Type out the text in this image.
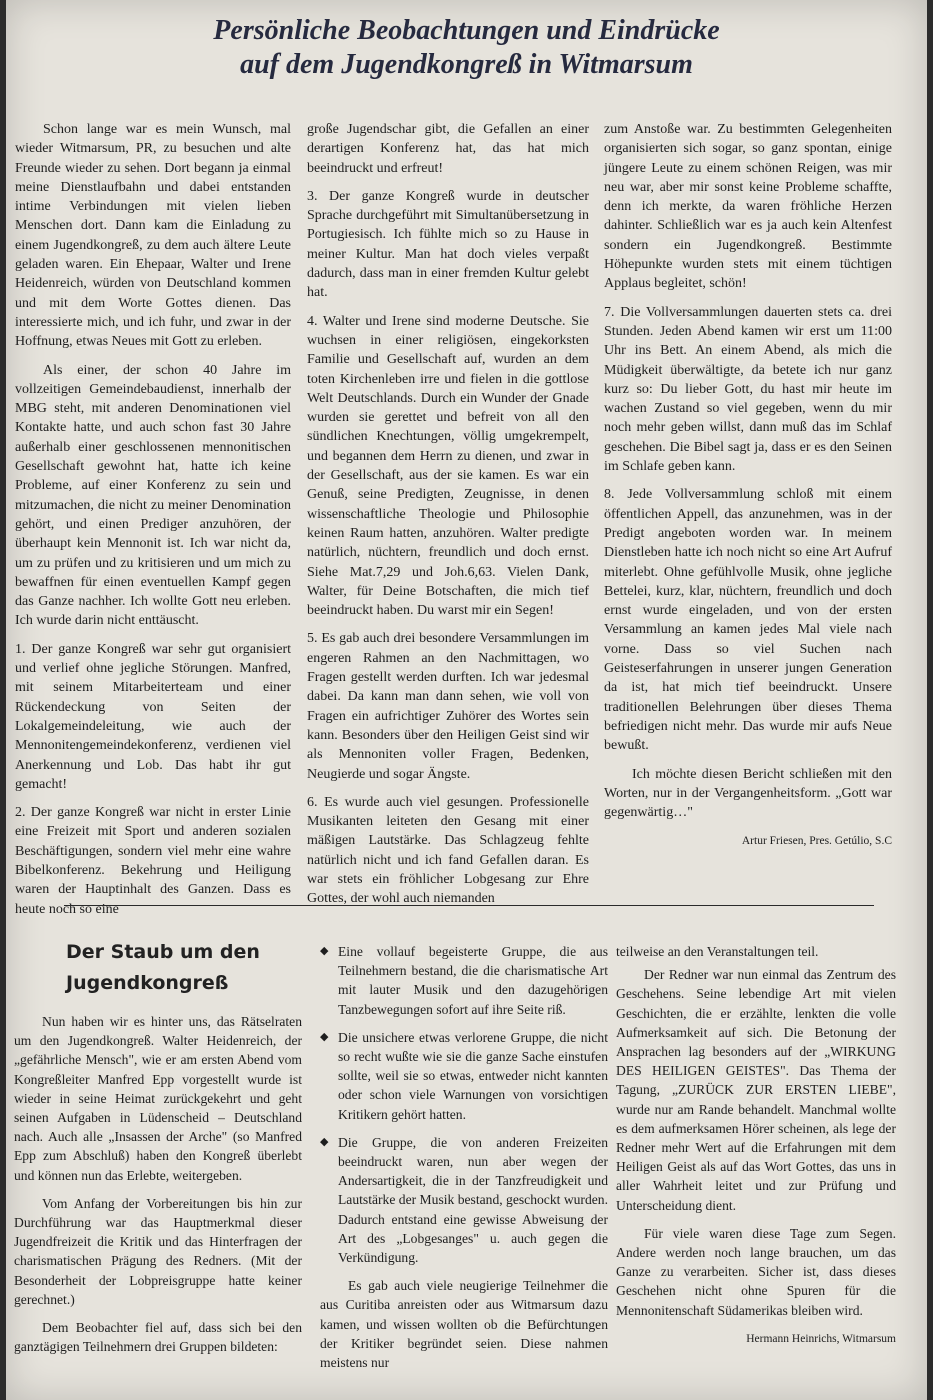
Persönliche Beobachtungen und Eindrücke
auf dem Jugendkongreß in Witmarsum

Schon lange war es mein Wunsch, mal wieder Witmarsum, PR, zu besuchen und alte Freunde wieder zu sehen. Dort begann ja einmal meine Dienstlaufbahn und dabei entstanden intime Verbindungen mit vielen lieben Menschen dort. Dann kam die Einladung zu einem Jugendkongreß, zu dem auch ältere Leute geladen waren. Ein Ehepaar, Walter und Irene Heidenreich, würden von Deutschland kommen und mit dem Worte Gottes dienen. Das interessierte mich, und ich fuhr, und zwar in der Hoffnung, etwas Neues mit Gott zu erleben.

Als einer, der schon 40 Jahre im vollzeitigen Gemeindebaudienst, innerhalb der MBG steht, mit anderen Denominationen viel Kontakte hatte, und auch schon fast 30 Jahre außerhalb einer geschlossenen mennonitischen Gesellschaft gewohnt hat, hatte ich keine Probleme, auf einer Konferenz zu sein und mitzumachen, die nicht zu meiner Denomination gehört, und einen Prediger anzuhören, der überhaupt kein Mennonit ist. Ich war nicht da, um zu prüfen und zu kritisieren und um mich zu bewaffnen für einen eventuellen Kampf gegen das Ganze nachher. Ich wollte Gott neu erleben. Ich wurde darin nicht enttäuscht.

1. Der ganze Kongreß war sehr gut organisiert und verlief ohne jegliche Störungen. Manfred, mit seinem Mitarbeiterteam und einer Rückendeckung von Seiten der Lokalgemeindeleitung, wie auch der Mennonitengemeindekonferenz, verdienen viel Anerkennung und Lob. Das habt ihr gut gemacht!

2. Der ganze Kongreß war nicht in erster Linie eine Freizeit mit Sport und anderen sozialen Beschäftigungen, sondern viel mehr eine wahre Bibelkonferenz. Bekehrung und Heiligung waren der Hauptinhalt des Ganzen. Dass es heute noch so eine

große Jugendschar gibt, die Gefallen an einer derartigen Konferenz hat, das hat mich beeindruckt und erfreut!

3. Der ganze Kongreß wurde in deutscher Sprache durchgeführt mit Simultanübersetzung in Portugiesisch. Ich fühlte mich so zu Hause in meiner Kultur. Man hat doch vieles verpaßt dadurch, dass man in einer fremden Kultur gelebt hat.

4. Walter und Irene sind moderne Deutsche. Sie wuchsen in einer religiösen, eingekorksten Familie und Gesellschaft auf, wurden an dem toten Kirchenleben irre und fielen in die gottlose Welt Deutschlands. Durch ein Wunder der Gnade wurden sie gerettet und befreit von all den sündlichen Knechtungen, völlig umgekrempelt, und begannen dem Herrn zu dienen, und zwar in der Gesellschaft, aus der sie kamen. Es war ein Genuß, seine Predigten, Zeugnisse, in denen wissenschaftliche Theologie und Philosophie keinen Raum hatten, anzuhören. Walter predigte natürlich, nüchtern, freundlich und doch ernst. Siehe Mat.7,29 und Joh.6,63. Vielen Dank, Walter, für Deine Botschaften, die mich tief beeindruckt haben. Du warst mir ein Segen!

5. Es gab auch drei besondere Versammlungen im engeren Rahmen an den Nachmittagen, wo Fragen gestellt werden durften. Ich war jedesmal dabei. Da kann man dann sehen, wie voll von Fragen ein aufrichtiger Zuhörer des Wortes sein kann. Besonders über den Heiligen Geist sind wir als Mennoniten voller Fragen, Bedenken, Neugierde und sogar Ängste.

6. Es wurde auch viel gesungen. Professionelle Musikanten leiteten den Gesang mit einer mäßigen Lautstärke. Das Schlagzeug fehlte natürlich nicht und ich fand Gefallen daran. Es war stets ein fröhlicher Lobgesang zur Ehre Gottes, der wohl auch niemanden

zum Anstoße war. Zu bestimmten Gelegenheiten organisierten sich sogar, so ganz spontan, einige jüngere Leute zu einem schönen Reigen, was mir neu war, aber mir sonst keine Probleme schaffte, denn ich merkte, da waren fröhliche Herzen dahinter. Schließlich war es ja auch kein Altenfest sondern ein Jugendkongreß. Bestimmte Höhepunkte wurden stets mit einem tüchtigen Applaus begleitet, schön!

7. Die Vollversammlungen dauerten stets ca. drei Stunden. Jeden Abend kamen wir erst um 11:00 Uhr ins Bett. An einem Abend, als mich die Müdigkeit überwältigte, da betete ich nur ganz kurz so: Du lieber Gott, du hast mir heute im wachen Zustand so viel gegeben, wenn du mir noch mehr geben willst, dann muß das im Schlaf geschehen. Die Bibel sagt ja, dass er es den Seinen im Schlafe geben kann.

8. Jede Vollversammlung schloß mit einem öffentlichen Appell, das anzunehmen, was in der Predigt angeboten worden war. In meinem Dienstleben hatte ich noch nicht so eine Art Aufruf miterlebt. Ohne gefühlvolle Musik, ohne jegliche Bettelei, kurz, klar, nüchtern, freundlich und doch ernst wurde eingeladen, und von der ersten Versammlung an kamen jedes Mal viele nach vorne. Dass so viel Suchen nach Geisteserfahrungen in unserer jungen Generation da ist, hat mich tief beeindruckt. Unsere traditionellen Belehrungen über dieses Thema befriedigen nicht mehr. Das wurde mir aufs Neue bewußt.

Ich möchte diesen Bericht schließen mit den Worten, nur in der Vergangenheitsform. „Gott war gegenwärtig…"

Artur Friesen, Pres. Getúlio, S.C

Der Staub um den
Jugendkongreß

Nun haben wir es hinter uns, das Rätselraten um den Jugendkongreß. Walter Heidenreich, der „gefährliche Mensch", wie er am ersten Abend vom Kongreßleiter Manfred Epp vorgestellt wurde ist wieder in seine Heimat zurückgekehrt und geht seinen Aufgaben in Lüdenscheid – Deutschland nach. Auch alle „Insassen der Arche" (so Manfred Epp zum Abschluß) haben den Kongreß überlebt und können nun das Erlebte, weitergeben.

Vom Anfang der Vorbereitungen bis hin zur Durchführung war das Hauptmerkmal dieser Jugendfreizeit die Kritik und das Hinterfragen der charismatischen Prägung des Redners. (Mit der Besonderheit der Lobpreisgruppe hatte keiner gerechnet.)

Dem Beobachter fiel auf, dass sich bei den ganztägigen Teilnehmern drei Gruppen bildeten:

◆ Eine vollauf begeisterte Gruppe, die aus Teilnehmern bestand, die die charismatische Art mit lauter Musik und den dazugehörigen Tanzbewegungen sofort auf ihre Seite riß.

◆ Die unsichere etwas verlorene Gruppe, die nicht so recht wußte wie sie die ganze Sache einstufen sollte, weil sie so etwas, entweder nicht kannten oder schon viele Warnungen von vorsichtigen Kritikern gehört hatten.

◆ Die Gruppe, die von anderen Freizeiten beeindruckt waren, nun aber wegen der Andersartigkeit, die in der Tanzfreudigkeit und Lautstärke der Musik bestand, geschockt wurden. Dadurch entstand eine gewisse Abweisung der Art des „Lobgesanges" u. auch gegen die Verkündigung.

Es gab auch viele neugierige Teilnehmer die aus Curitiba anreisten oder aus Witmarsum dazu kamen, und wissen wollten ob die Befürchtungen der Kritiker begründet seien. Diese nahmen meistens nur

teilweise an den Veranstaltungen teil.

Der Redner war nun einmal das Zentrum des Geschehens. Seine lebendige Art mit vielen Geschichten, die er erzählte, lenkten die volle Aufmerksamkeit auf sich. Die Betonung der Ansprachen lag besonders auf der „WIRKUNG DES HEILIGEN GEISTES". Das Thema der Tagung, „ZURÜCK ZUR ERSTEN LIEBE", wurde nur am Rande behandelt. Manchmal wollte es dem aufmerksamen Hörer scheinen, als lege der Redner mehr Wert auf die Erfahrungen mit dem Heiligen Geist als auf das Wort Gottes, das uns in aller Wahrheit leitet und zur Prüfung und Unterscheidung dient.

Für viele waren diese Tage zum Segen. Andere werden noch lange brauchen, um das Ganze zu verarbeiten. Sicher ist, dass dieses Geschehen nicht ohne Spuren für die Mennonitenschaft Südamerikas bleiben wird.

Hermann Heinrichs, Witmarsum
